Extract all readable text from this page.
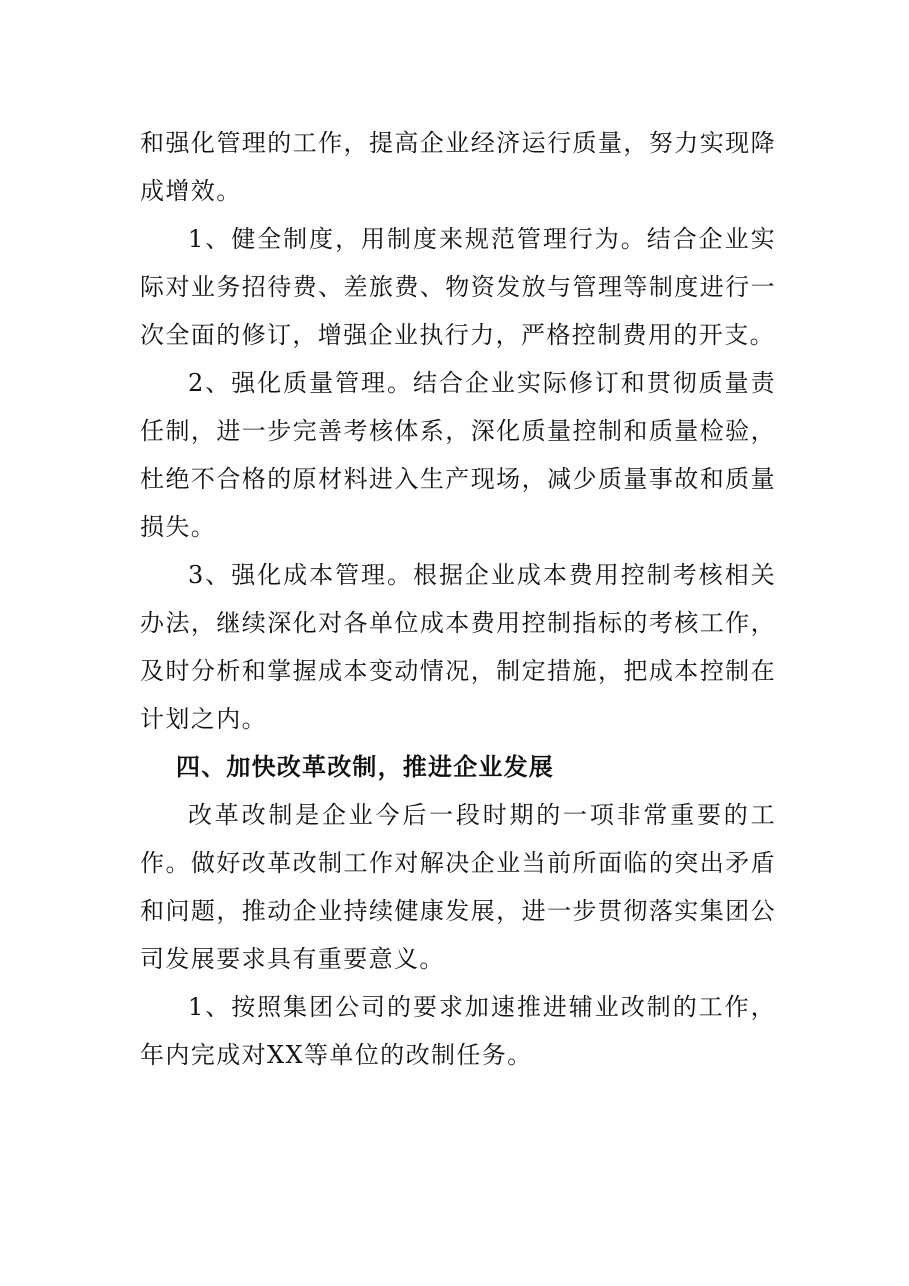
和强化管理的工作，提高企业经济运行质量，努力实现降成增效。

1、健全制度，用制度来规范管理行为。结合企业实际对业务招待费、差旅费、物资发放与管理等制度进行一次全面的修订，增强企业执行力，严格控制费用的开支。

2、强化质量管理。结合企业实际修订和贯彻质量责任制，进一步完善考核体系，深化质量控制和质量检验，杜绝不合格的原材料进入生产现场，减少质量事故和质量损失。

3、强化成本管理。根据企业成本费用控制考核相关办法，继续深化对各单位成本费用控制指标的考核工作，及时分析和掌握成本变动情况，制定措施，把成本控制在计划之内。

四、加快改革改制，推进企业发展

改革改制是企业今后一段时期的一项非常重要的工作。做好改革改制工作对解决企业当前所面临的突出矛盾和问题，推动企业持续健康发展，进一步贯彻落实集团公司发展要求具有重要意义。

1、按照集团公司的要求加速推进辅业改制的工作，年内完成对XX等单位的改制任务。
